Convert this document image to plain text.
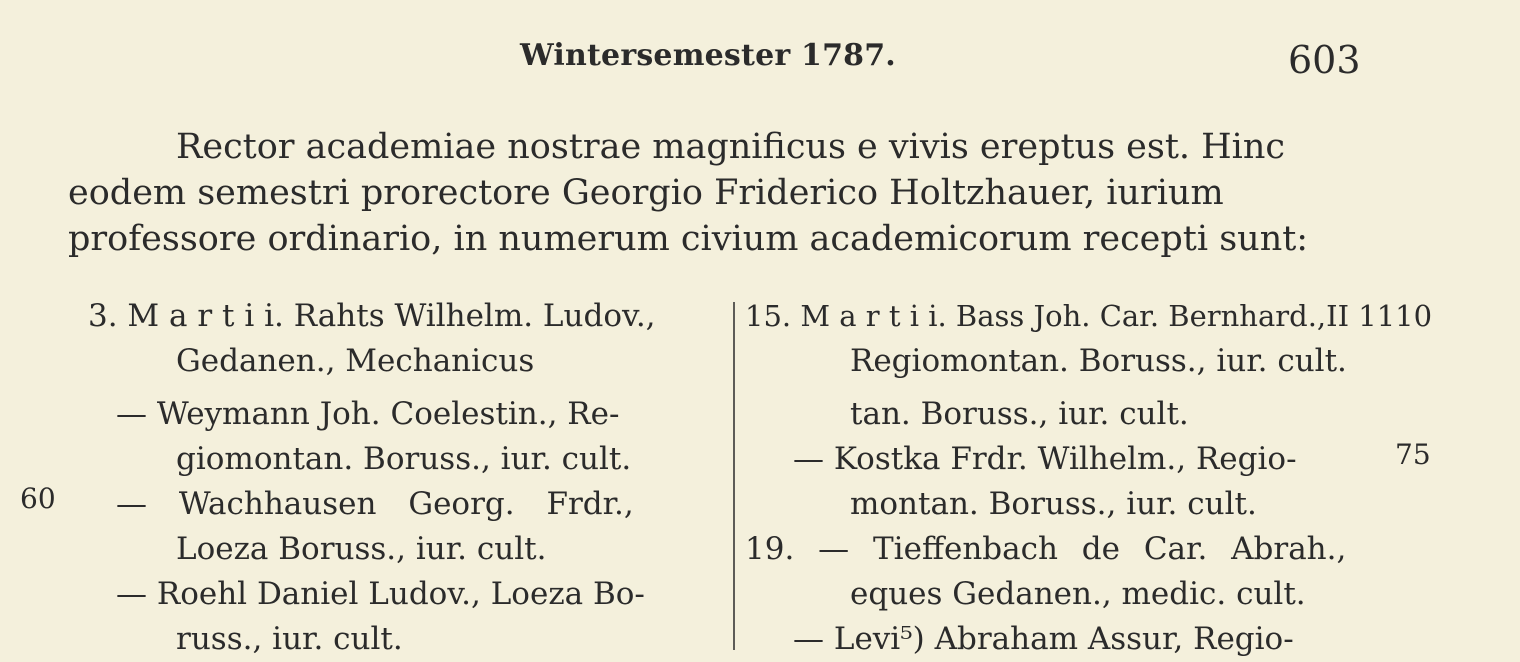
Wintersemester 1787.	603
Rector academiae nostrae magnificus e vivis ereptus est. Hinc
eodem semestri prorectore Georgio Friderico Holtzhauer, iurium
professore ordinario, in numerum civium academicorum recepti sunt:
60
3. M a r t i i. Rahts Wilhelm. Ludov.,
Gedanen., Mechanicus
— Weymann Joh. Coelestin., Re-
giomontan. Boruss., iur. cult.
— Wachhausen Georg. Frdr.,
Loeza Boruss., iur. cult.
— Roehl Daniel Ludov., Loeza Bo-
russ., iur. cult.
15. M a r t i i. Bass Joh. Car. Bernhard.,II 1110
Regiomontan. Boruss., iur. cult.
tan. Boruss., iur. cult.
— Kostka Frdr. Wilhelm., Regio-
montan. Boruss., iur. cult.
19. — Tieffenbach de Car. Abrah.,
eques Gedanen., medic. cult.
— Levi⁵) Abraham Assur, Regio-
75
